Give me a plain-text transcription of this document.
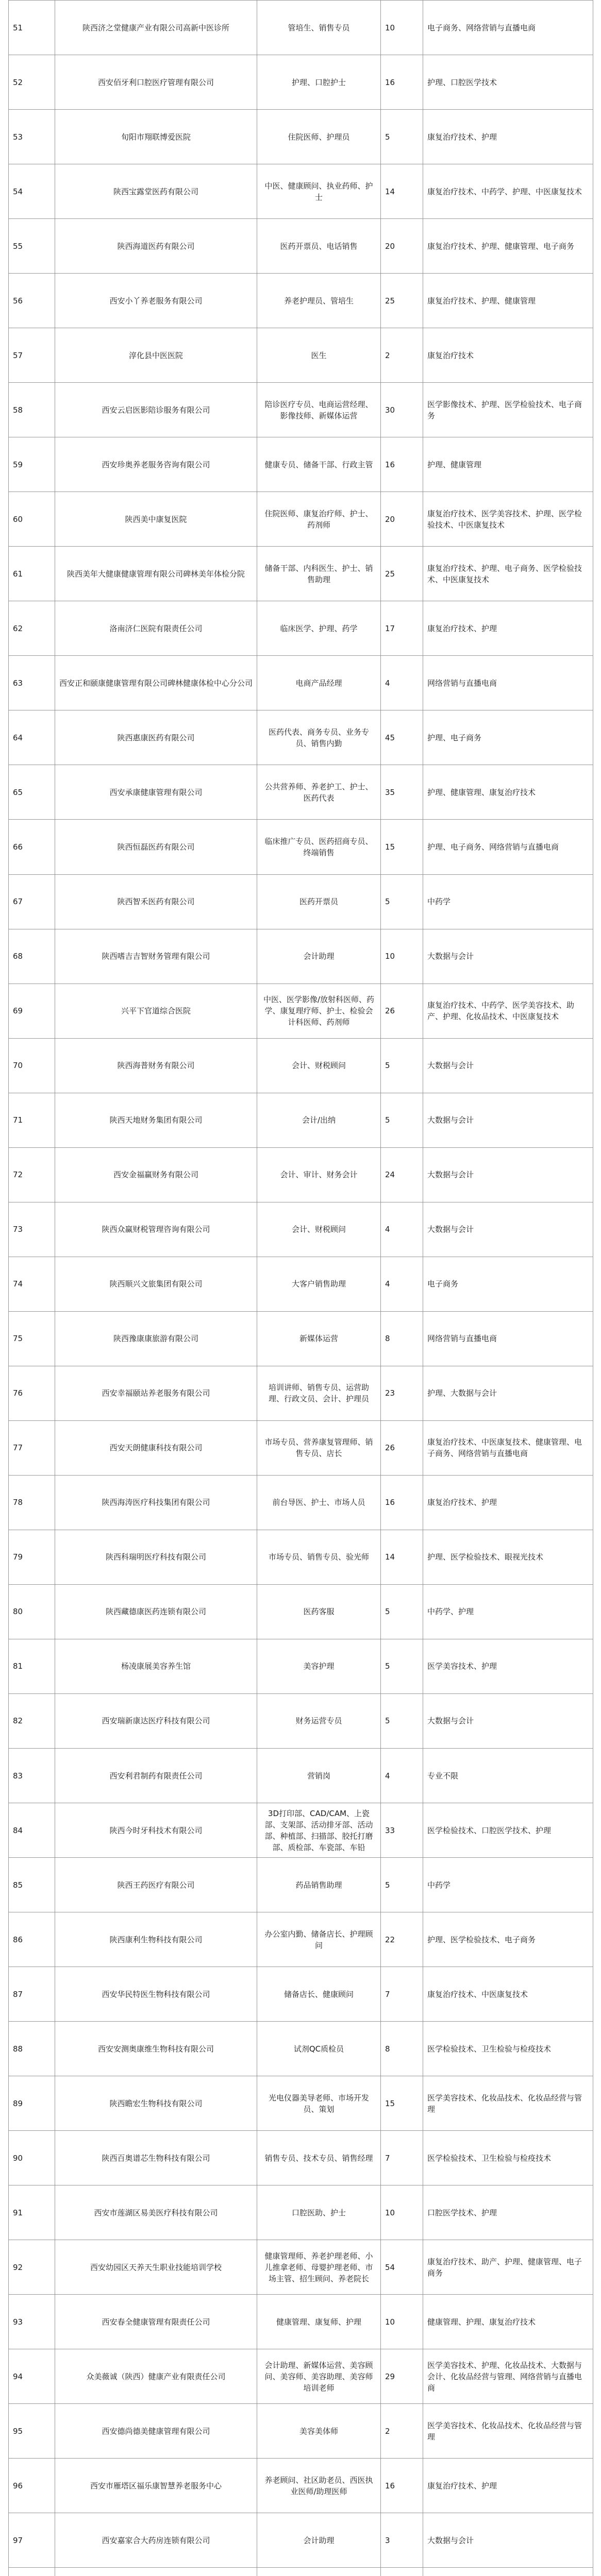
51	陕西济之堂健康产业有限公司高新中医诊所	管培生、销售专员	10	电子商务、网络营销与直播电商
52	西安佰牙利口腔医疗管理有限公司	护理、口腔护士	16	护理、口腔医学技术
53	旬阳市翔联博爱医院	住院医师、护理员	5	康复治疗技术、护理
54	陕西宝露堂医药有限公司	中医、健康顾问、执业药师、护士	14	康复治疗技术、中药学、护理、中医康复技术
55	陕西海道医药有限公司	医药开票员、电话销售	20	康复治疗技术、护理、健康管理、电子商务
56	西安小丫养老服务有限公司	养老护理员、管培生	25	康复治疗技术、护理、健康管理
57	淳化县中医医院	医生	2	康复治疗技术
58	西安云启医影陪诊服务有限公司	陪诊医疗专员、电商运营经理、影像技师、新媒体运营	30	医学影像技术、护理、医学检验技术、电子商务
59	西安珍奥养老服务咨询有限公司	健康专员、储备干部、行政主管	16	护理、健康管理
60	陕西美中康复医院	住院医师、康复治疗师、护士、药剂师	20	康复治疗技术、医学美容技术、护理、医学检验技术、中医康复技术
61	陕西美年大健康健康管理有限公司碑林美年体检分院	储备干部、内科医生、护士、销售助理	25	康复治疗技术、护理、电子商务、医学检验技术、中医康复技术
62	洛南济仁医院有限责任公司	临床医学、护理、药学	17	康复治疗技术、护理
63	西安正和颐康健康管理有限公司碑林健康体检中心分公司	电商产品经理	4	网络营销与直播电商
64	陕西惠康医药有限公司	医药代表、商务专员、业务专员、销售内勤	45	护理、电子商务
65	西安承康健康管理有限公司	公共营养师、养老护工、护士、医药代表	35	护理、健康管理、康复治疗技术
66	陕西恒磊医药有限公司	临床推广专员、医药招商专员、终端销售	15	护理、电子商务、网络营销与直播电商
67	陕西智禾医药有限公司	医药开票员	5	中药学
68	陕西嗜吉吉智财务管理有限公司	会计助理	10	大数据与会计
69	兴平下官道综合医院	中医、医学影像/放射科医师、药学、康复理疗师、护士、检验会计科医师、药剂师	26	康复治疗技术、中药学、医学美容技术、助产、护理、化妆品技术、中医康复技术
70	陕西海普财务有限公司	会计、财税顾问	5	大数据与会计
71	陕西天地财务集团有限公司	会计/出纳	5	大数据与会计
72	西安金福赢财务有限公司	会计、审计、财务会计	24	大数据与会计
73	陕西众赢财税管理咨询有限公司	会计、财税顾问	4	大数据与会计
74	陕西顺兴文旅集团有限公司	大客户销售助理	4	电子商务
75	陕西豫康康旅游有限公司	新媒体运营	8	网络营销与直播电商
76	西安幸福颐站养老服务有限公司	培训讲师、销售专员、运营助理、行政文员、会计、护理员	23	护理、大数据与会计
77	西安天朗健康科技有限公司	市场专员、营养康复管理师、销售专员、店长	26	康复治疗技术、中医康复技术、健康管理、电子商务、网络营销与直播电商
78	陕西海涛医疗科技集团有限公司	前台导医、护士、市场人员	16	康复治疗技术、护理
79	陕西科瑞明医疗科技有限公司	市场专员、销售专员、验光师	14	护理、医学检验技术、眼视光技术
80	陕西藏德康医药连锁有限公司	医药客服	5	中药学、护理
81	杨凌康展美容养生馆	美容护理	5	医学美容技术、护理
82	西安瑞新康达医疗科技有限公司	财务运营专员	5	大数据与会计
83	西安利君制药有限责任公司	营销岗	4	专业不限
84	陕西今时牙科技术有限公司	3D打印部、CAD/CAM、上瓷部、支架部、活动排牙部、活动部、种植部、扫描部、胶托打磨部、质检部、车瓷部、车铅	33	医学检验技术、口腔医学技术、护理
85	陕西王药医疗有限公司	药品销售助理	5	中药学
86	陕西康利生物科技有限公司	办公室内勤、储备店长、护理顾问	22	护理、医学检验技术、电子商务
87	西安华民特医生物科技有限公司	储备店长、健康顾问	7	康复治疗技术、中医康复技术
88	西安安测奥康维生物科技有限公司	试剂QC质检员	8	医学检验技术、卫生检验与检疫技术
89	陕西瞻宏生物科技有限公司	光电仪器美导老师、市场开发员、策划	15	医学美容技术、化妆品技术、化妆品经营与管理
90	陕西百奥谱芯生物科技有限公司	销售专员、技术专员、销售经理	7	医学检验技术、卫生检验与检疫技术
91	西安市莲湖区易美医疗科技有限公司	口腔医助、护士	10	口腔医学技术、护理
92	西安幼园区天养天生职业技能培训学校	健康管理师、养老护理老师、小儿推拿老师、母婴护理老师、市场主管、招生顾问、养老院长	54	康复治疗技术、助产、护理、健康管理、电子商务
93	西安春全健康管理有限责任公司	健康管理、康复师、护理	10	健康管理、护理、康复治疗技术
94	众美薇诚（陕西）健康产业有限责任公司	会计助理、新媒体运营、美容顾问、美容师、美容助理、美容师培训老师	29	医学美容技术、护理、化妆品技术、大数据与会计、化妆品经营与管理、网络营销与直播电商
95	西安德尚德美健康管理有限公司	美容美体师	2	医学美容技术、化妆品技术、化妆品经营与管理
96	西安市雁塔区福乐康智慧养老服务中心	养老顾问、社区助老员、西医执业医师/助理医师	16	康复治疗技术、护理
97	西安嘉家合大药房连锁有限公司	会计助理	3	大数据与会计
